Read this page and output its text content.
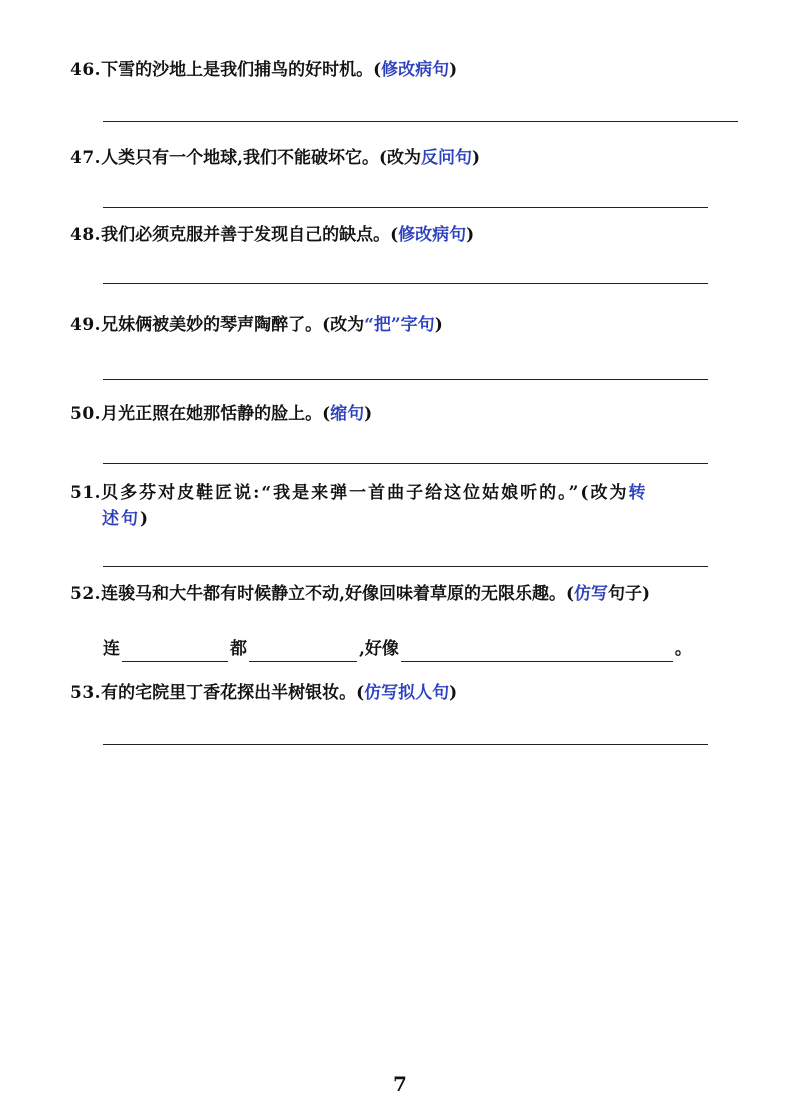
46.下雪的沙地上是我们捕鸟的好时机。(修改病句)
47.人类只有一个地球,我们不能破坏它。(改为反问句)
48.我们必须克服并善于发现自己的缺点。(修改病句)
49.兄妹俩被美妙的琴声陶醉了。(改为“把”字句)
50.月光正照在她那恬静的脸上。(缩句)
51.贝多芬对皮鞋匠说:“我是来弹一首曲子给这位姑娘听的。”(改为转
述句)
52.连骏马和大牛都有时候静立不动,好像回味着草原的无限乐趣。(仿写句子)
连	都	,好像	。
53.有的宅院里丁香花探出半树银妆。(仿写拟人句)
7
